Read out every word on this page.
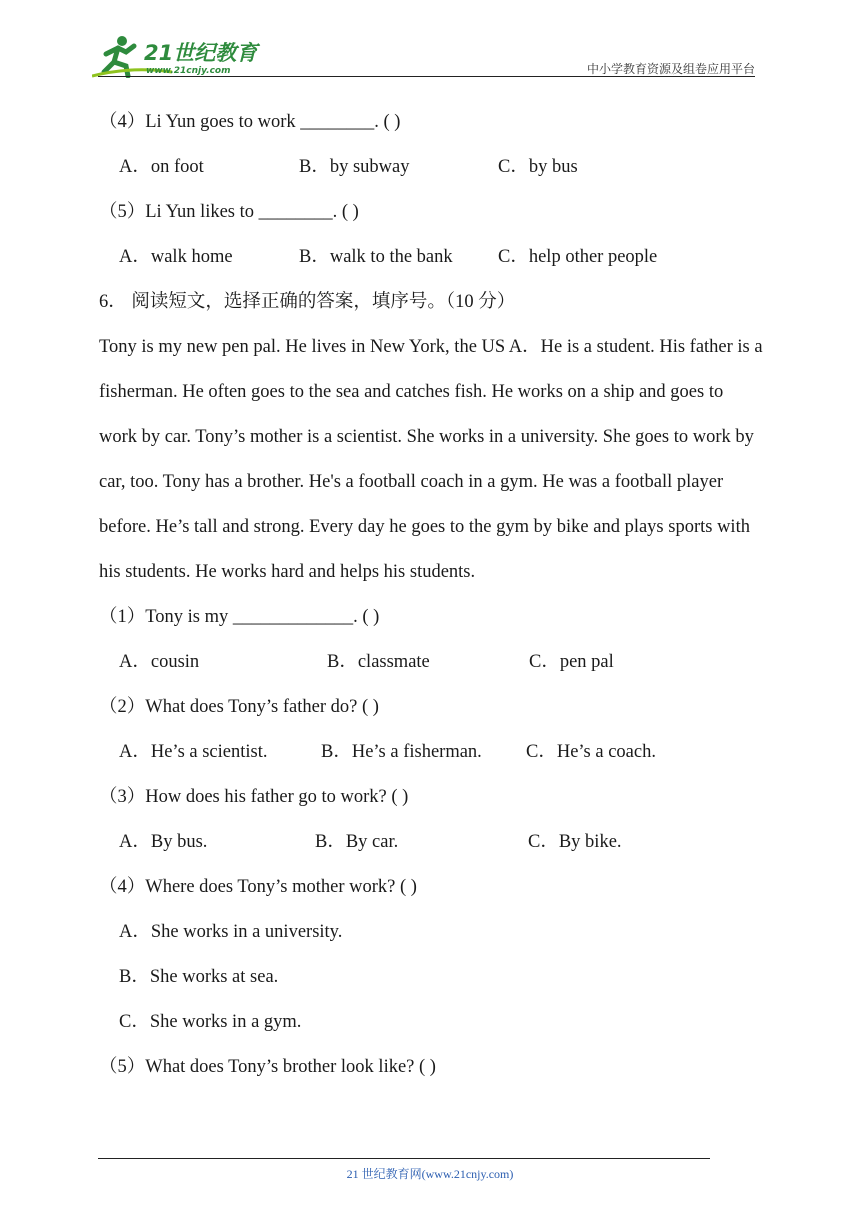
21世纪教育
www.21cnjy.com	中小学教育资源及组卷应用平台
（4）Li Yun goes to work ________. ( )
A．on foot	B．by subway	C．by bus
（5）Li Yun likes to ________. ( )
A．walk home	B．walk to the bank C．help other people
6． 阅读短文，选择正确的答案，填序号。（10 分）
Tony is my new pen pal. He lives in New York, the US A．He is a student. His father is a fisherman. He often goes to the sea and catches fish. He works on a ship and goes to work by car. Tony’s mother is a scientist. She works in a university. She goes to work by car, too. Tony has a brother. He's a football coach in a gym. He was a football player before. He’s tall and strong. Every day he goes to the gym by bike and plays sports with his students. He works hard and helps his students.
（1）Tony is my _____________. ( )
A．cousin	B．classmate	C．pen pal
（2）What does Tony’s father do? ( )
A．He’s a scientist.	B．He’s a fisherman. C．He’s a coach.
（3）How does his father go to work? ( )
A．By bus.	B．By car.	C．By bike.
（4）Where does Tony’s mother work? ( )
A．She works in a university.
B．She works at sea.
C．She works in a gym.
（5）What does Tony’s brother look like? ( )
21 世纪教育网(www.21cnjy.com)
